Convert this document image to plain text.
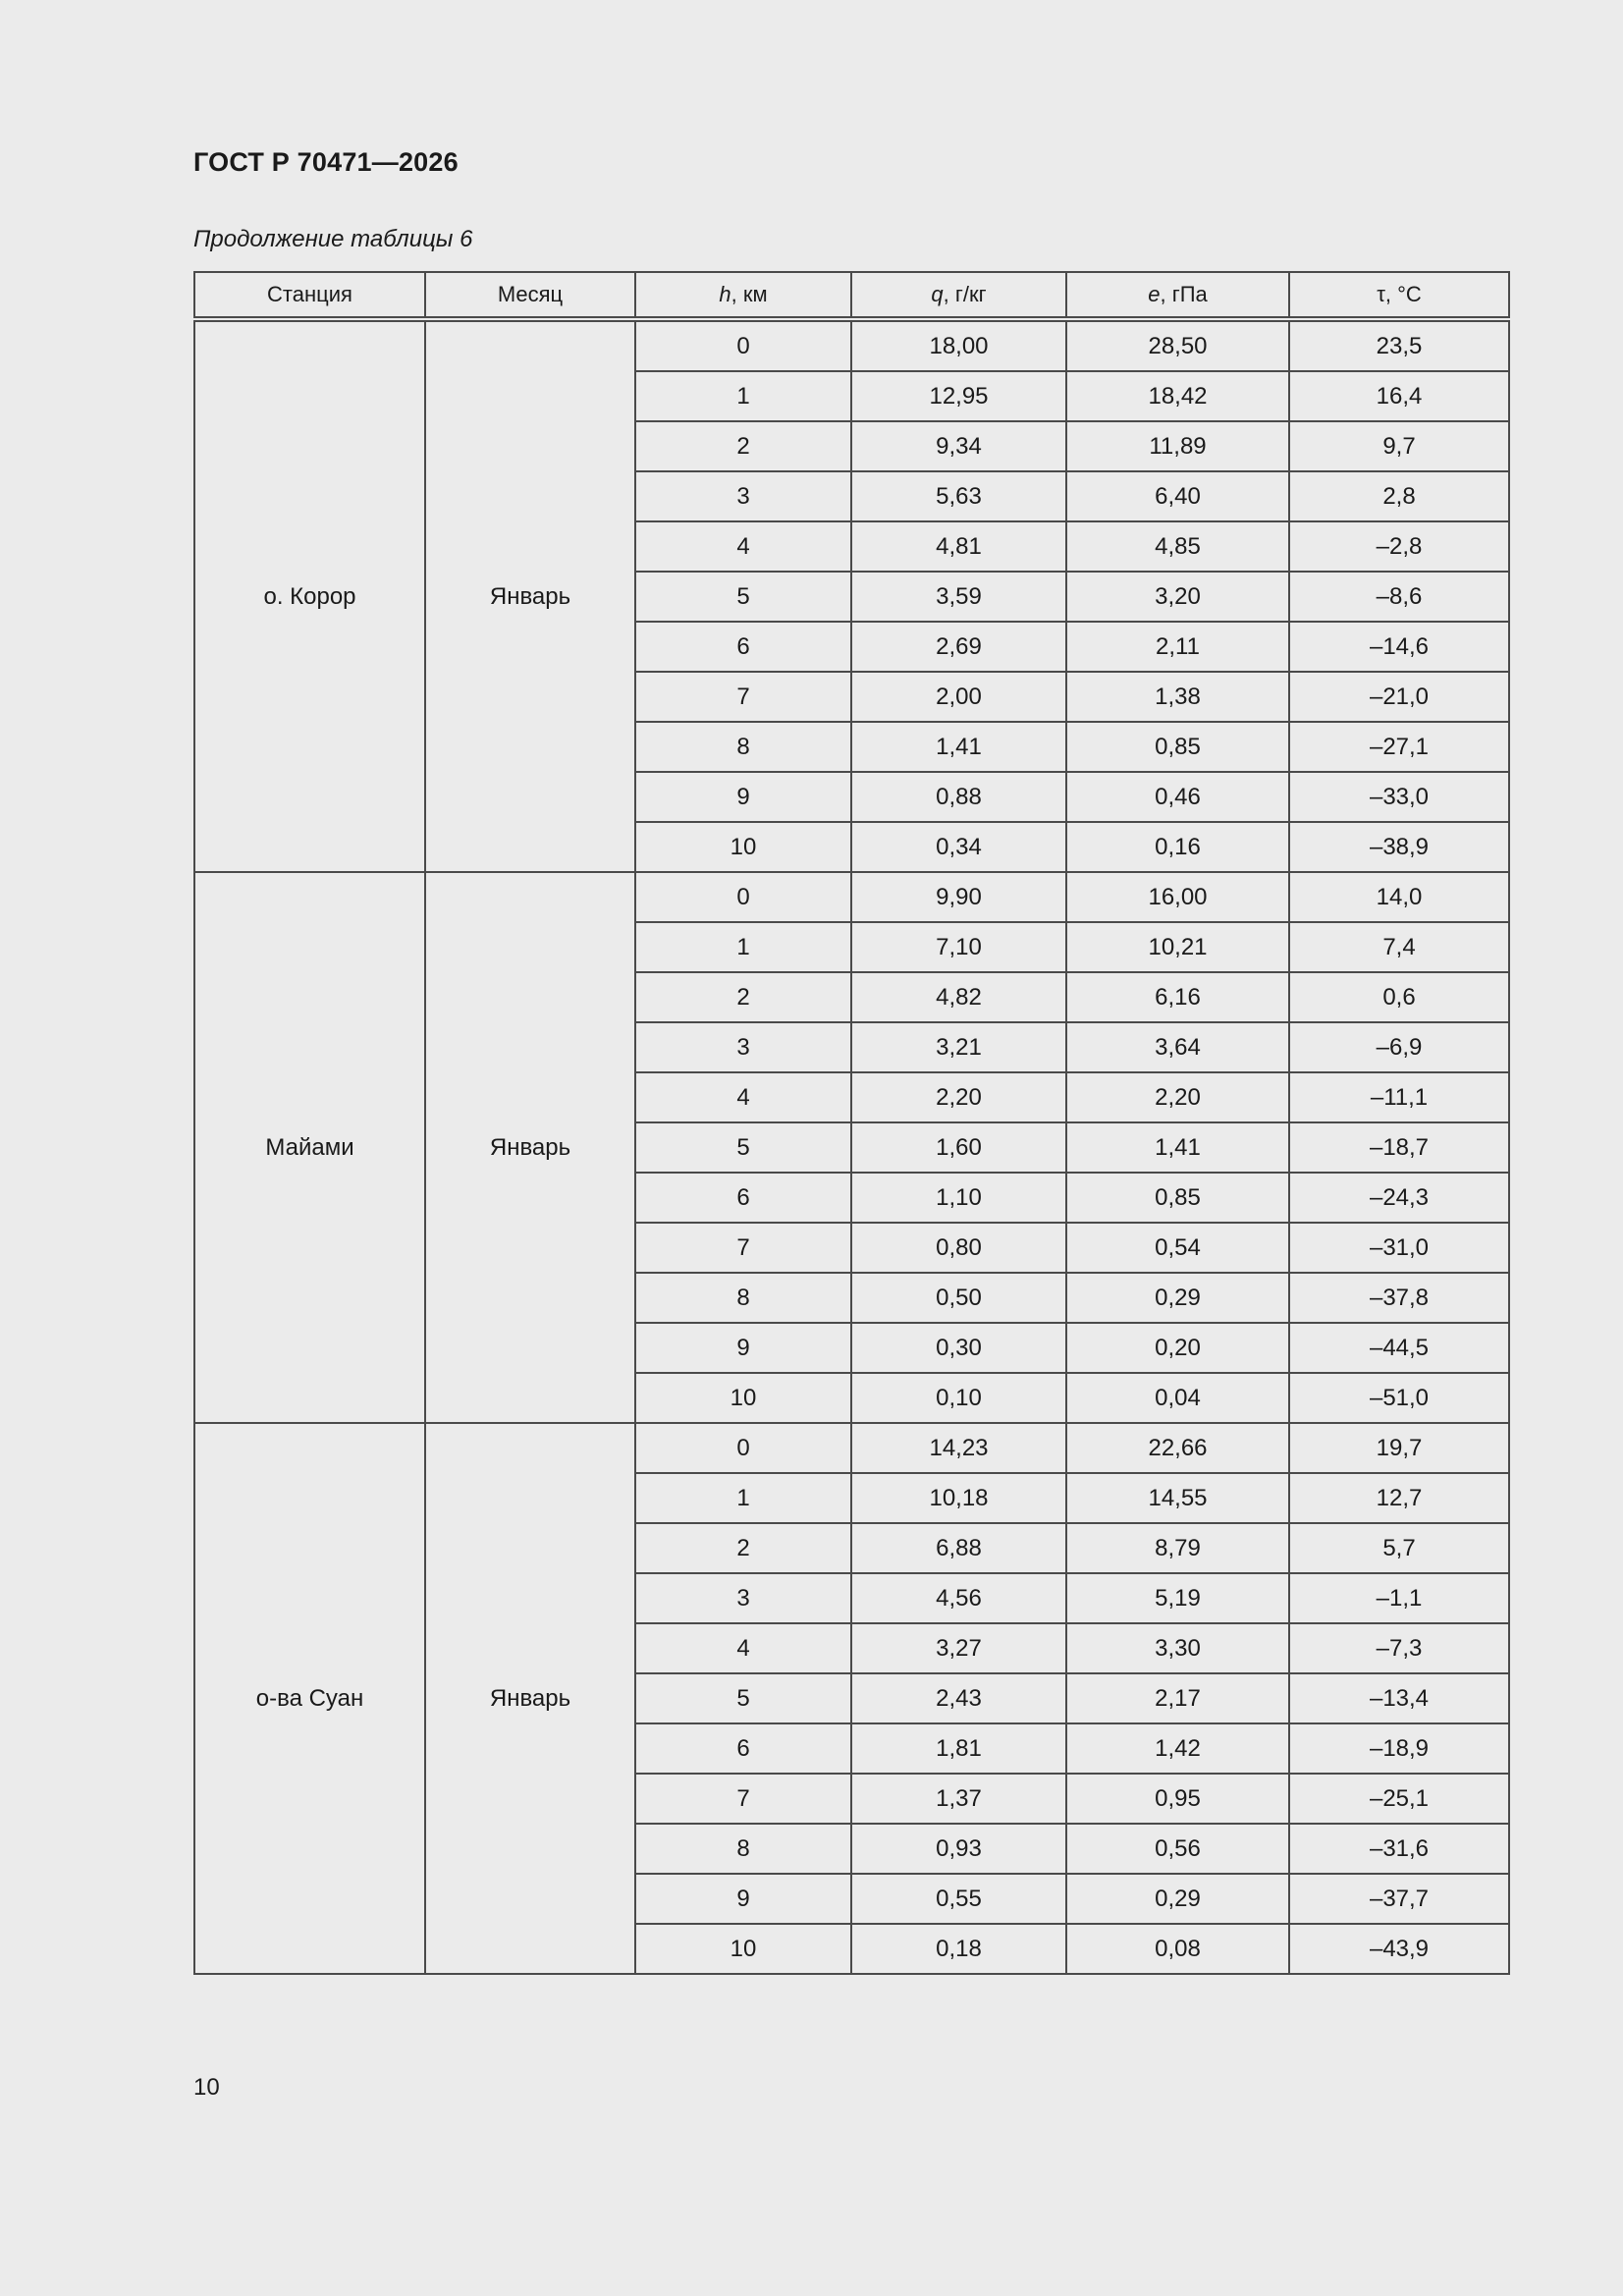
ГОСТ Р 70471—2026
Продолжение таблицы 6
Станция	Месяц	h, км	q, г/кг	e, гПа	τ, °С
о. Корор	Январь	0	18,00	28,50	23,5
		1	12,95	18,42	16,4
		2	9,34	11,89	9,7
		3	5,63	6,40	2,8
		4	4,81	4,85	–2,8
		5	3,59	3,20	–8,6
		6	2,69	2,11	–14,6
		7	2,00	1,38	–21,0
		8	1,41	0,85	–27,1
		9	0,88	0,46	–33,0
		10	0,34	0,16	–38,9
Майами	Январь	0	9,90	16,00	14,0
		1	7,10	10,21	7,4
		2	4,82	6,16	0,6
		3	3,21	3,64	–6,9
		4	2,20	2,20	–11,1
		5	1,60	1,41	–18,7
		6	1,10	0,85	–24,3
		7	0,80	0,54	–31,0
		8	0,50	0,29	–37,8
		9	0,30	0,20	–44,5
		10	0,10	0,04	–51,0
о-ва Суан	Январь	0	14,23	22,66	19,7
		1	10,18	14,55	12,7
		2	6,88	8,79	5,7
		3	4,56	5,19	–1,1
		4	3,27	3,30	–7,3
		5	2,43	2,17	–13,4
		6	1,81	1,42	–18,9
		7	1,37	0,95	–25,1
		8	0,93	0,56	–31,6
		9	0,55	0,29	–37,7
		10	0,18	0,08	–43,9
10
